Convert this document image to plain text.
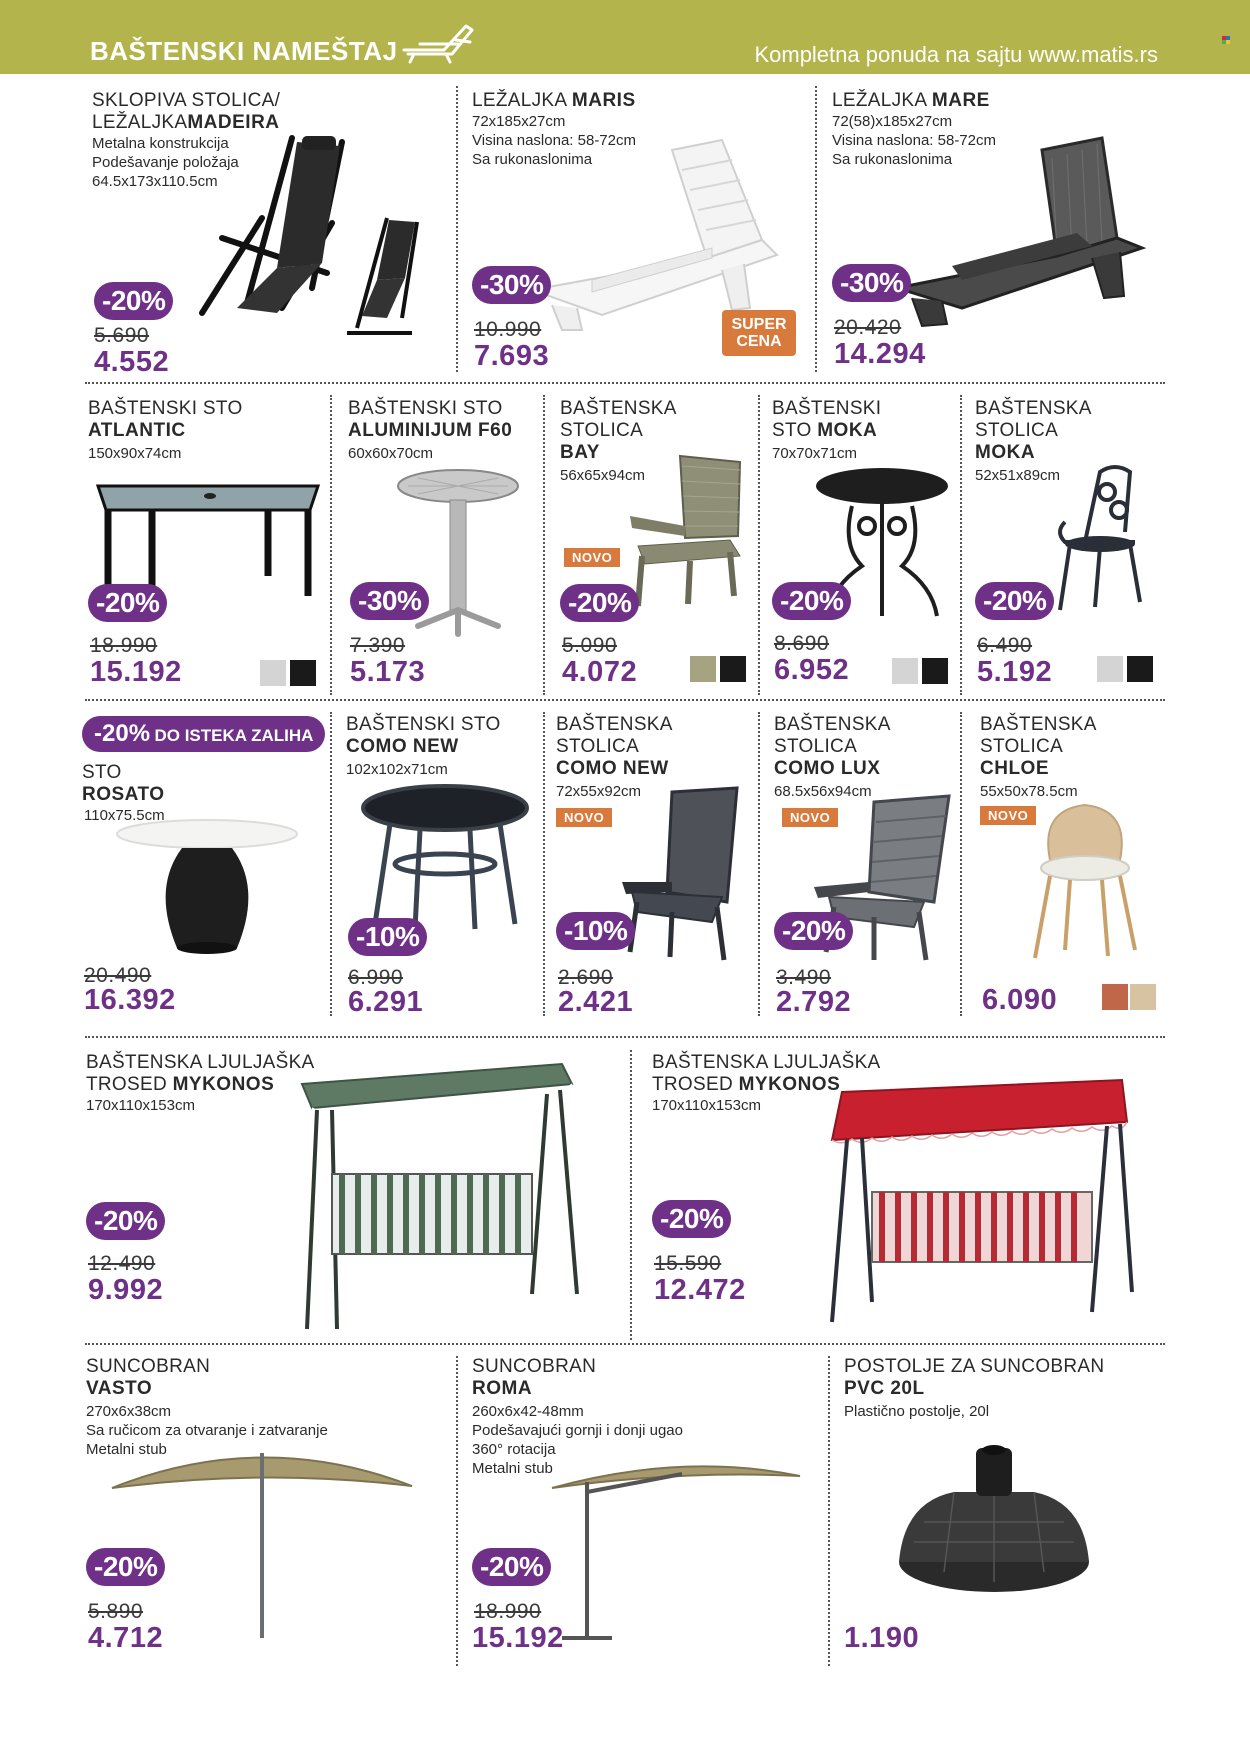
BAŠTENSKI NAMEŠTAJ	Kompletna ponuda na sajtu www.matis.rs
SKLOPIVA STOLICA/
LEŽALJKAMADEIRA
Metalna konstrukcija
Podešavanje položaja
64.5x173x110.5cm
-20%
5.690
4.552
LEŽALJKA MARIS
72x185x27cm
Visina naslona: 58-72cm
Sa rukonaslonima
-30%
SUPER
CENA
10.990
7.693
LEŽALJKA MARE
72(58)x185x27cm
Visina naslona: 58-72cm
Sa rukonaslonima
-30%
20.420
14.294
BAŠTENSKI STO
ATLANTIC
150x90x74cm
-20%
18.990
15.192
BAŠTENSKI STO
ALUMINIJUM F60
60x60x70cm
-30%
7.390
5.173
BAŠTENSKA
STOLICA
BAY
56x65x94cm
NOVO
-20%
5.090
4.072
BAŠTENSKI
STO MOKA
70x70x71cm
-20%
8.690
6.952
BAŠTENSKA
STOLICA
MOKA
52x51x89cm
-20%
6.490
5.192
-20% DO ISTEKA ZALIHA
STO
ROSATO
110x75.5cm
20.490
16.392
BAŠTENSKI STO
COMO NEW
102x102x71cm
-10%
6.990
6.291
BAŠTENSKA
STOLICA
COMO NEW
72x55x92cm
NOVO
-10%
2.690
2.421
BAŠTENSKA
STOLICA
COMO LUX
68.5x56x94cm
NOVO
-20%
3.490
2.792
BAŠTENSKA
STOLICA
CHLOE
55x50x78.5cm
NOVO
6.090
BAŠTENSKA LJULJAŠKA
TROSED MYKONOS
170x110x153cm
-20%
12.490
9.992
BAŠTENSKA LJULJAŠKA
TROSED MYKONOS
170x110x153cm
-20%
15.590
12.472
SUNCOBRAN
VASTO
270x6x38cm
Sa ručicom za otvaranje i zatvaranje
Metalni stub
-20%
5.890
4.712
SUNCOBRAN
ROMA
260x6x42-48mm
Podešavajući gornji i donji ugao
360° rotacija
Metalni stub
-20%
18.990
15.192
POSTOLJE ZA SUNCOBRAN
PVC 20L
Plastično postolje, 20l
1.190
